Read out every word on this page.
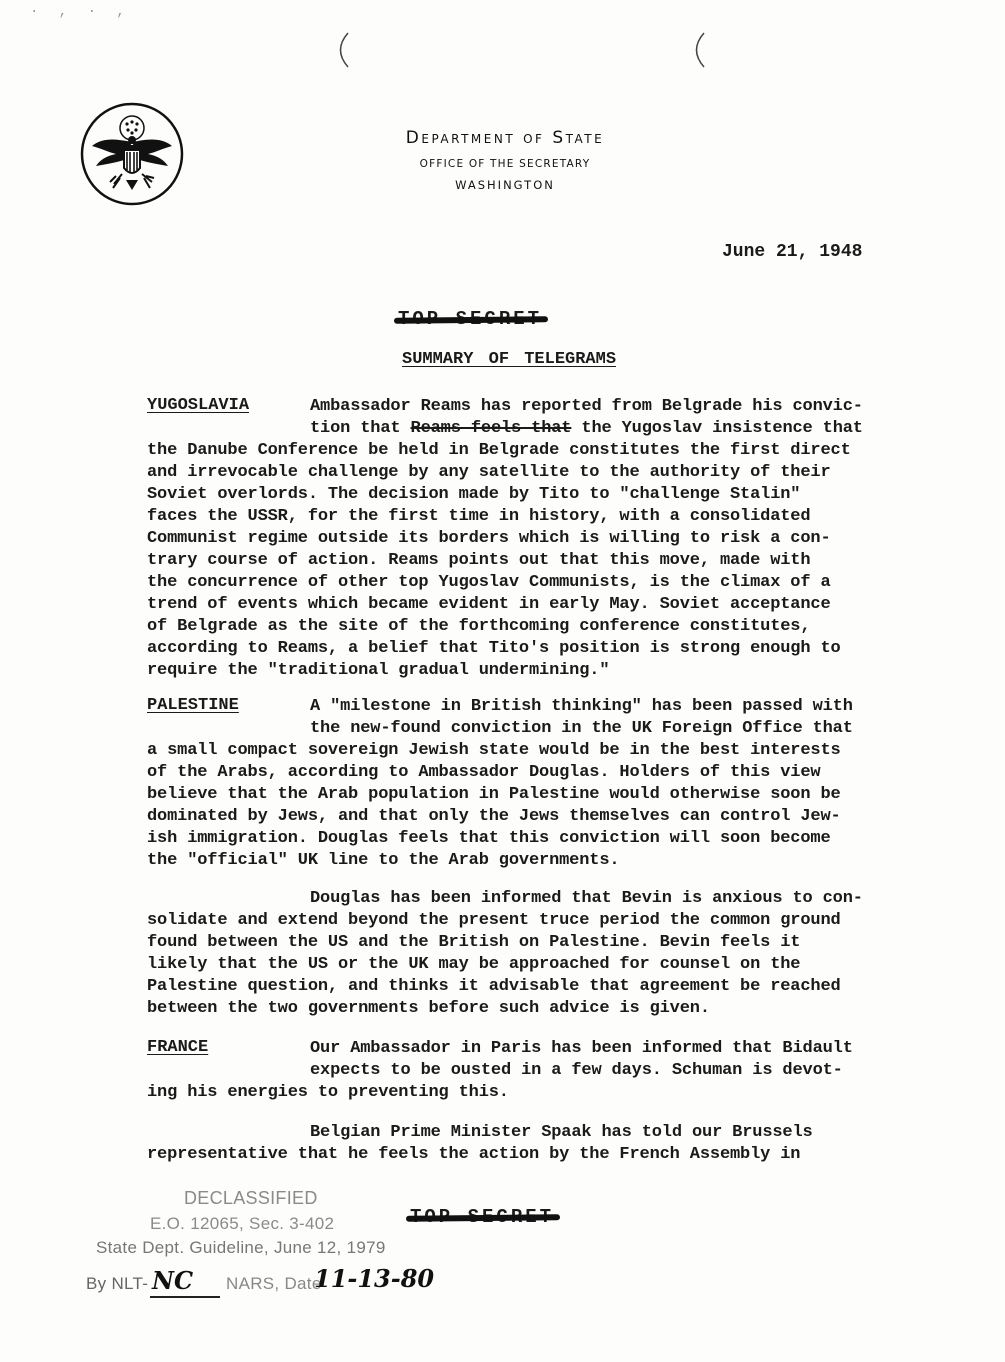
· , · ,
Department of State
OFFICE OF THE SECRETARY
WASHINGTON
June 21, 1948
SUMMARY OF TELEGRAMS
YUGOSLAVIA	Ambassador Reams has reported from Belgrade his convic-
tion that Reams feels that the Yugoslav insistence that
the Danube Conference be held in Belgrade constitutes the first direct
and irrevocable challenge by any satellite to the authority of their
Soviet overlords. The decision made by Tito to "challenge Stalin"
faces the USSR, for the first time in history, with a consolidated
Communist regime outside its borders which is willing to risk a con-
trary course of action. Reams points out that this move, made with
the concurrence of other top Yugoslav Communists, is the climax of a
trend of events which became evident in early May. Soviet acceptance
of Belgrade as the site of the forthcoming conference constitutes,
according to Reams, a belief that Tito's position is strong enough to
require the "traditional gradual undermining."
PALESTINE	A "milestone in British thinking" has been passed with
the new-found conviction in the UK Foreign Office that
a small compact sovereign Jewish state would be in the best interests
of the Arabs, according to Ambassador Douglas. Holders of this view
believe that the Arab population in Palestine would otherwise soon be
dominated by Jews, and that only the Jews themselves can control Jew-
ish immigration. Douglas feels that this conviction will soon become
the "official" UK line to the Arab governments.
Douglas has been informed that Bevin is anxious to con-
solidate and extend beyond the present truce period the common ground
found between the US and the British on Palestine. Bevin feels it
likely that the US or the UK may be approached for counsel on the
Palestine question, and thinks it advisable that agreement be reached
between the two governments before such advice is given.
FRANCE	Our Ambassador in Paris has been informed that Bidault
expects to be ousted in a few days. Schuman is devot-
ing his energies to preventing this.
Belgian Prime Minister Spaak has told our Brussels
representative that he feels the action by the French Assembly in
DECLASSIFIED
E.O. 12065, Sec. 3-402
State Dept. Guideline, June 12, 1979
By NLT- NC NARS, Date
11-13-80
